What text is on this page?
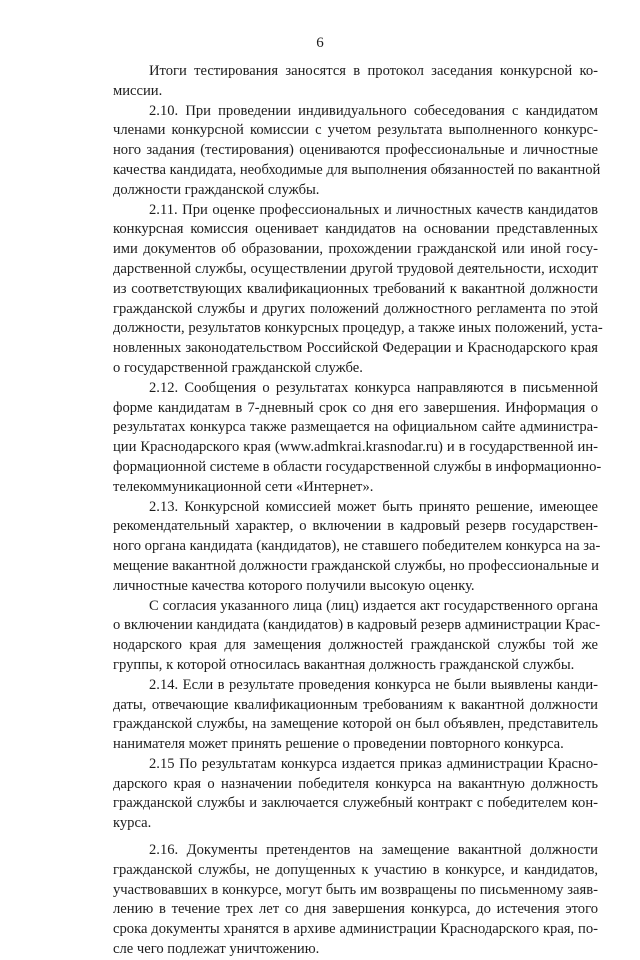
6
Итоги тестирования заносятся в протокол заседания конкурсной ко-
миссии.
2.10. При проведении индивидуального собеседования с кандидатом
членами конкурсной комиссии с учетом результата выполненного конкурс-
ного задания (тестирования) оцениваются профессиональные и личностные
качества кандидата, необходимые для выполнения обязанностей по вакантной
должности гражданской службы.
2.11. При оценке профессиональных и личностных качеств кандидатов
конкурсная комиссия оценивает кандидатов на основании представленных
ими документов об образовании, прохождении гражданской или иной госу-
дарственной службы, осуществлении другой трудовой деятельности, исходит
из соответствующих квалификационных требований к вакантной должности
гражданской службы и других положений должностного регламента по этой
должности, результатов конкурсных процедур, а также иных положений, уста-
новленных законодательством Российской Федерации и Краснодарского края
о государственной гражданской службе.
2.12. Сообщения о результатах конкурса направляются в письменной
форме кандидатам в 7-дневный срок со дня его завершения. Информация о
результатах конкурса также размещается на официальном сайте администра-
ции Краснодарского края (www.admkrai.krasnodar.ru) и в государственной ин-
формационной системе в области государственной службы в информационно-
телекоммуникационной сети «Интернет».
2.13. Конкурсной комиссией может быть принято решение, имеющее
рекомендательный характер, о включении в кадровый резерв государствен-
ного органа кандидата (кандидатов), не ставшего победителем конкурса на за-
мещение вакантной должности гражданской службы, но профессиональные и
личностные качества которого получили высокую оценку.
С согласия указанного лица (лиц) издается акт государственного органа
о включении кандидата (кандидатов) в кадровый резерв администрации Крас-
нодарского края для замещения должностей гражданской службы той же
группы, к которой относилась вакантная должность гражданской службы.
2.14. Если в результате проведения конкурса не были выявлены канди-
даты, отвечающие квалификационным требованиям к вакантной должности
гражданской службы, на замещение которой он был объявлен, представитель
нанимателя может принять решение о проведении повторного конкурса.
2.15 По результатам конкурса издается приказ администрации Красно-
дарского края о назначении победителя конкурса на вакантную должность
гражданской службы и заключается служебный контракт с победителем кон-
курса.
2.16. Документы претендентов на замещение вакантной должности
гражданской службы, не допущенных к участию в конкурсе, и кандидатов,
участвовавших в конкурсе, могут быть им возвращены по письменному заяв-
лению в течение трех лет со дня завершения конкурса, до истечения этого
срока документы хранятся в архиве администрации Краснодарского края, по-
сле чего подлежат уничтожению.
